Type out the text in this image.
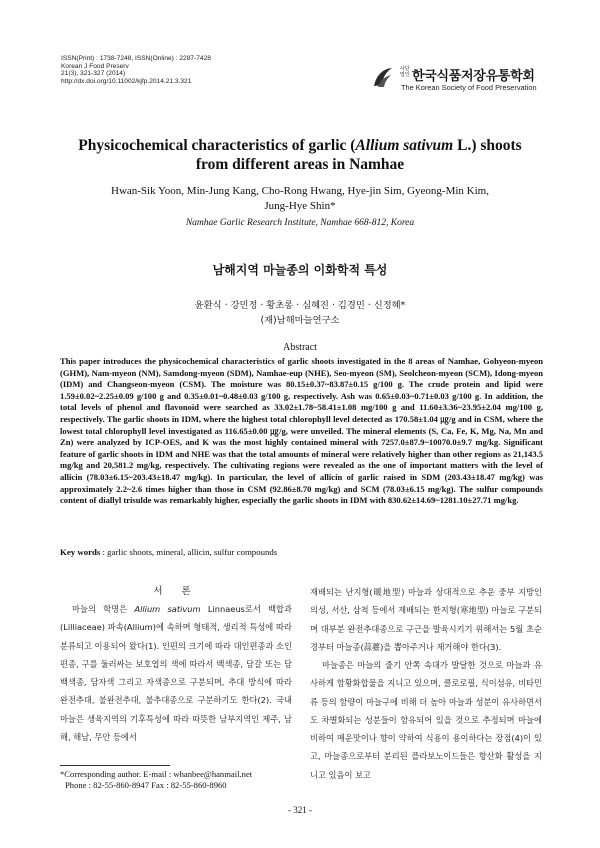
ISSN(Print) : 1738-7248, ISSN(Online) : 2287-7428
Korean J Food Preserv
21(3), 321-327 (2014)
http://dx.doi.org/10.11002/kjfp.2014.21.3.321
사단 법인 한국식품저장유통학회
The Korean Society of Food Preservation
Physicochemical characteristics of garlic (Allium sativum L.) shoots
from different areas in Namhae
Hwan-Sik Yoon, Min-Jung Kang, Cho-Rong Hwang, Hye-jin Sim, Gyeong-Min Kim,
Jung-Hye Shin*
Namhae Garlic Research Institute, Namhae 668-812, Korea
남해지역 마늘종의 이화학적 특성
윤환식 · 강민정 · 황초롱 · 심혜진 · 김경민 · 신정혜*
(재)남해마늘연구소
Abstract
This paper introduces the physicochemical characteristics of garlic shoots investigated in the 8 areas of Namhae, Gohyeon-myeon (GHM), Nam-myeon (NM), Samdong-myeon (SDM), Namhae-eup (NHE), Seo-myeon (SM), Seolcheon-myeon (SCM), Idong-myeon (IDM) and Changseon-myeon (CSM). The moisture was 80.15±0.37~83.87±0.15 g/100 g. The crude protein and lipid were 1.59±0.02~2.25±0.09 g/100 g and 0.35±0.01~0.48±0.03 g/100 g, respectively. Ash was 0.65±0.03~0.71±0.03 g/100 g. In addition, the total levels of phenol and flavonoid were searched as 33.02±1.78~58.41±1.08 mg/100 g and 11.60±3.36~23.95±2.04 mg/100 g, respectively. The garlic shoots in IDM, where the highest total chlorophyll level detected as 170.58±1.04 ㎍/g and in CSM, where the lowest total chlorophyll level investigated as 116.65±0.00 ㎍/g, were unveiled. The mineral elements (S, Ca, Fe, K, Mg, Na, Mn and Zn) were analyzed by ICP-OES, and K was the most highly contained mineral with 7257.0±87.9~10070.0±9.7 mg/kg. Significant feature of garlic shoots in IDM and NHE was that the total amounts of mineral were relatively higher than other regions as 21,143.5 mg/kg and 20,581.2 mg/kg, respectively. The cultivating regions were revealed as the one of important matters with the level of allicin (78.03±6.15~203.43±18.47 mg/kg). In particular, the level of allicin of garlic raised in SDM (203.43±18.47 mg/kg) was approximately 2.2~2.6 times higher than those in CSM (92.86±8.70 mg/kg) and SCM (78.03±6.15 mg/kg). The sulfur compounds content of diallyl trisulde was remarkably higher, especially the garlic shoots in IDM with 830.62±14.69~1281.10±27.71 mg/kg.
Key words : garlic shoots, mineral, allicin, sulfur compounds
서 론

마늘의 학명은 Allium sativum Linnaeus로서 백합과(Lilliaceae) 파속(Allium)에 속하며 형태적, 생리적 특성에 따라 분류되고 이용되어 왔다(1). 인편의 크기에 따라 대인편종과 소인편종, 구를 둘러싸는 보호엽의 색에 따라서 백색종, 담갈 또는 담백색종, 담자색 그리고 자색종으로 구분되며, 추대 방식에 따라 완전추대, 불완전추대, 불추대종으로 구분하기도 한다(2). 국내 마늘은 생육지역의 기후특성에 따라 따뜻한 남부지역인 제주, 남해, 해남, 무안 등에서

재배되는 난지형(暖地型) 마늘과 상대적으로 추운 중부 지방인 의성, 서산, 삼척 등에서 재배되는 한지형(寒地型) 마늘로 구분되며 대부분 완전추대종으로 구근을 발육시키기 위해서는 5월 초순경부터 마늘종(蒜薹)을 뽑아주거나 제거해야 한다(3).

마늘종은 마늘의 줄기 안쪽 속대가 발달한 것으로 마늘과 유사하게 함황화합물을 지니고 있으며, 클로로필, 식이섬유, 비타민류 등의 함량이 마늘구에 비해 더 높아 마늘과 성분이 유사하면서도 차별화되는 성분들이 함유되어 있을 것으로 추정되며 마늘에 비하여 매운맛이나 향이 약하여 식용이 용이하다는 장점(4)이 있고, 마늘종으로부터 분리된 플라보노이드들은 항산화 활성을 지니고 있음이 보고

*Corresponding author. E-mail : whanbee@hanmail.net
Phone : 82-55-860-8947 Fax : 82-55-860-8960
- 321 -
